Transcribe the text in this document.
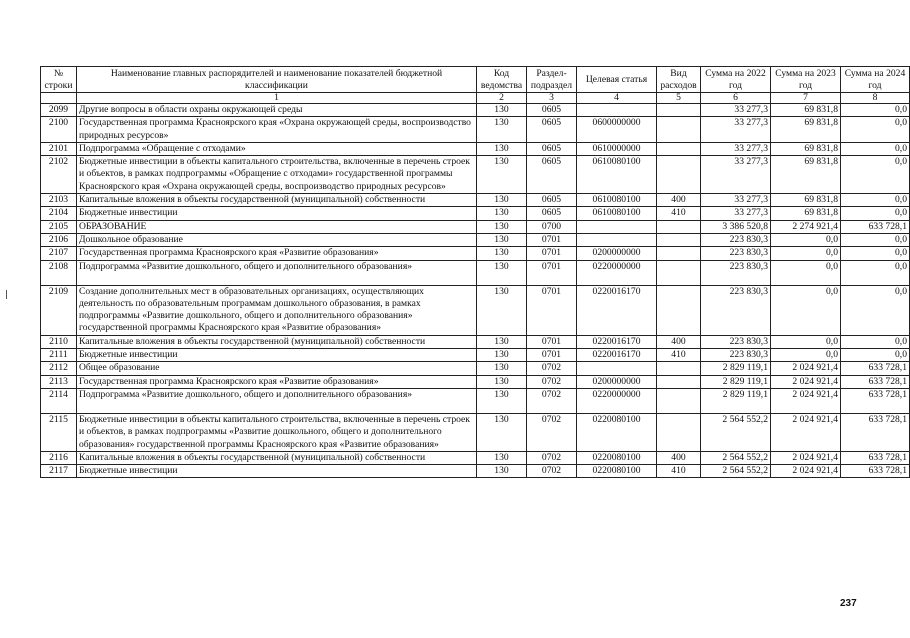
№ строки	Наименование главных распорядителей и наименование показателей бюджетной классификации	Код ведомства	Раздел-подраздел	Целевая статья	Вид расходов	Сумма на 2022 год	Сумма на 2023 год	Сумма на 2024 год
	1	2	3	4	5	6	7	8
2099	Другие вопросы в области охраны окружающей среды	130	0605			33 277,3	69 831,8	0,0
2100	Государственная программа Красноярского края «Охрана окружающей среды, воспроизводство природных ресурсов»	130	0605	0600000000		33 277,3	69 831,8	0,0
2101	Подпрограмма «Обращение с отходами»	130	0605	0610000000		33 277,3	69 831,8	0,0
2102	Бюджетные инвестиции в объекты капитального строительства, включенные в перечень строек и объектов, в рамках подпрограммы «Обращение с отходами» государственной программы Красноярского края «Охрана окружающей среды, воспроизводство природных ресурсов»	130	0605	0610080100		33 277,3	69 831,8	0,0
2103	Капитальные вложения в объекты государственной (муниципальной) собственности	130	0605	0610080100	400	33 277,3	69 831,8	0,0
2104	Бюджетные инвестиции	130	0605	0610080100	410	33 277,3	69 831,8	0,0
2105	ОБРАЗОВАНИЕ	130	0700			3 386 520,8	2 274 921,4	633 728,1
2106	Дошкольное образование	130	0701			223 830,3	0,0	0,0
2107	Государственная программа Красноярского края «Развитие образования»	130	0701	0200000000		223 830,3	0,0	0,0
2108	Подпрограмма «Развитие дошкольного, общего и дополнительного образования»	130	0701	0220000000		223 830,3	0,0	0,0
2109	Создание дополнительных мест в образовательных организациях, осуществляющих деятельность по образовательным программам дошкольного образования, в рамках подпрограммы «Развитие дошкольного, общего и дополнительного образования» государственной программы Красноярского края «Развитие образования»	130	0701	0220016170		223 830,3	0,0	0,0
2110	Капитальные вложения в объекты государственной (муниципальной) собственности	130	0701	0220016170	400	223 830,3	0,0	0,0
2111	Бюджетные инвестиции	130	0701	0220016170	410	223 830,3	0,0	0,0
2112	Общее образование	130	0702			2 829 119,1	2 024 921,4	633 728,1
2113	Государственная программа Красноярского края «Развитие образования»	130	0702	0200000000		2 829 119,1	2 024 921,4	633 728,1
2114	Подпрограмма «Развитие дошкольного, общего и дополнительного образования»	130	0702	0220000000		2 829 119,1	2 024 921,4	633 728,1
2115	Бюджетные инвестиции в объекты капитального строительства, включенные в перечень строек и объектов, в рамках подпрограммы «Развитие дошкольного, общего и дополнительного образования» государственной программы Красноярского края «Развитие образования»	130	0702	0220080100		2 564 552,2	2 024 921,4	633 728,1
2116	Капитальные вложения в объекты государственной (муниципальной) собственности	130	0702	0220080100	400	2 564 552,2	2 024 921,4	633 728,1
2117	Бюджетные инвестиции	130	0702	0220080100	410	2 564 552,2	2 024 921,4	633 728,1
237
